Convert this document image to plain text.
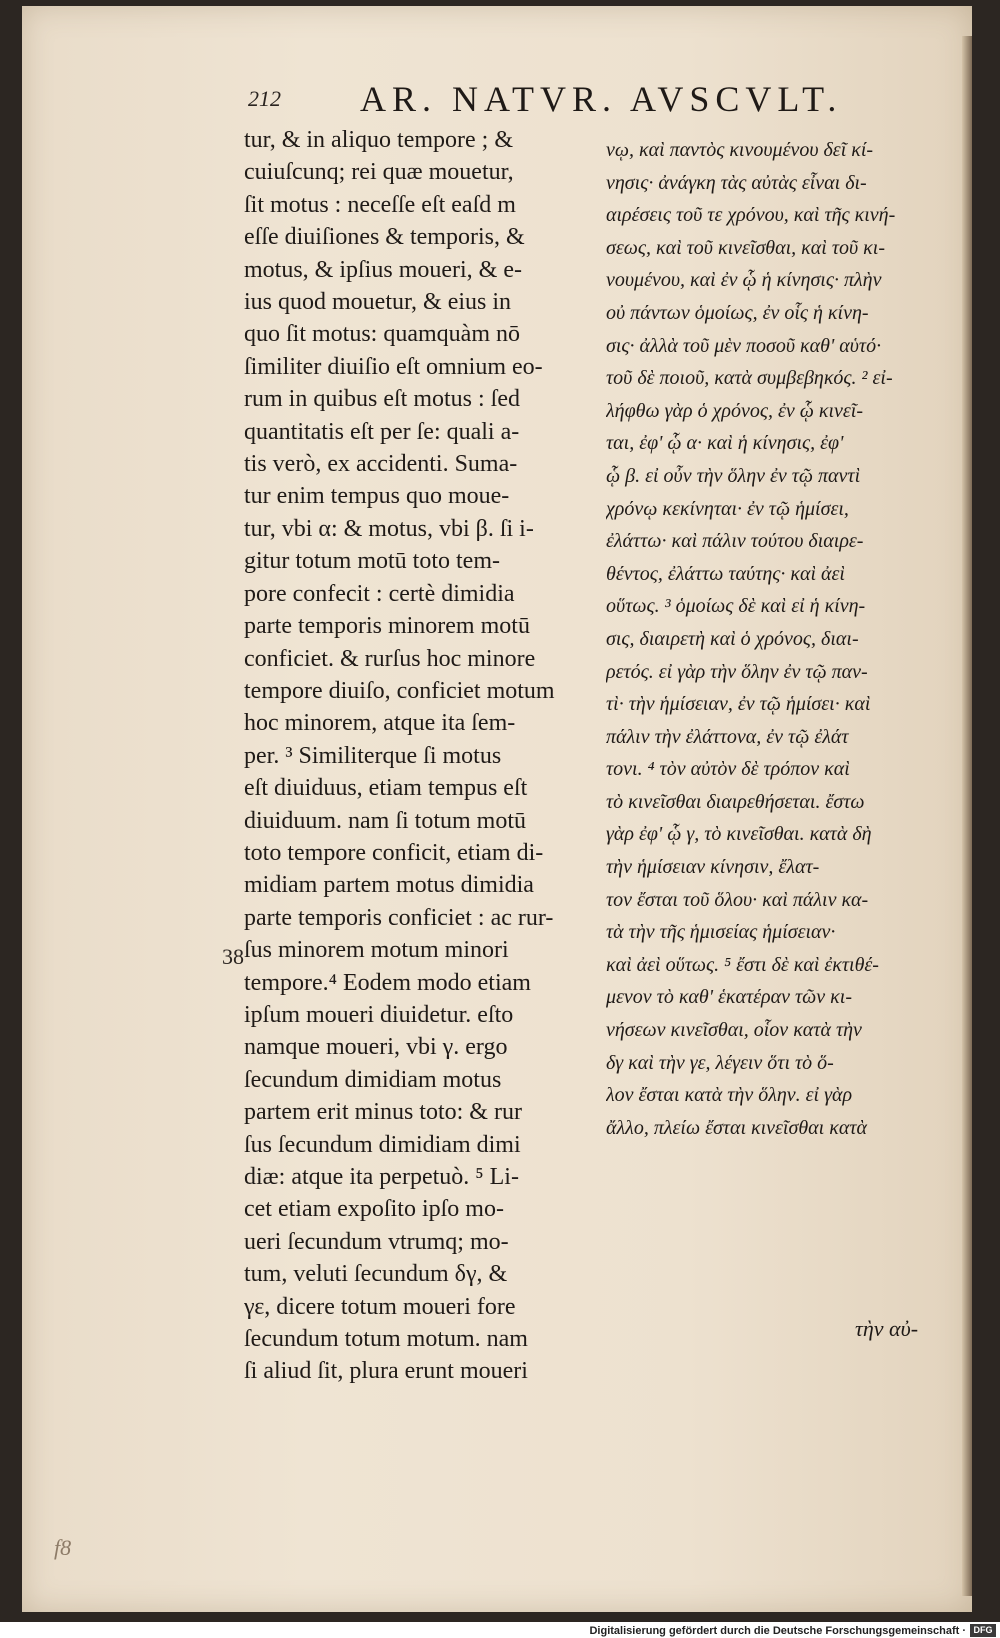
212 AR. NATVR. AVSCVLT.
tur, & in aliquo tempore ; &
cuiuſcunq; rei quæ mouetur,
ſit motus : neceſſe eſt eaſd m
eſſe diuiſiones & temporis, &
motus, & ipſius moueri, & e-
ius quod mouetur, & eius in
quo ſit motus: quamquàm nō
ſimiliter diuiſio eſt omnium eo-
rum in quibus eſt motus : ſed
quantitatis eſt per ſe: quali a-
tis verò, ex accidenti. Suma-
tur enim tempus quo moue-
tur, vbi α: & motus, vbi β. ſi i-
gitur totum motū toto tem-
pore confecit : certè dimidia
parte temporis minorem motū
conficiet. & rurſus hoc minore
tempore diuiſo, conficiet motum
hoc minorem, atque ita ſem-
per. ³ Similiterque ſi motus
eſt diuiduus, etiam tempus eſt
diuiduum. nam ſi totum motū
toto tempore conficit, etiam di-
midiam partem motus dimidia
parte temporis conficiet : ac rur-
ſus minorem motum minori
tempore.⁴ Eodem modo etiam
ipſum moueri diuidetur. eſto
namque moueri, vbi γ. ergo
ſecundum dimidiam motus
partem erit minus toto: & rur
ſus ſecundum dimidiam dimi
diæ: atque ita perpetuò. ⁵ Li-
cet etiam expoſito ipſo mo-
ueri ſecundum vtrumq; mo-
tum, veluti ſecundum δγ, &
γε, dicere totum moueri fore
ſecundum totum motum. nam
ſi aliud ſit, plura erunt moueri
νῳ, καὶ παντὸς κινουμένου δεῖ κί-
νησις· ἀνάγκη τὰς αὐτὰς εἶναι δι-
αιρέσεις τοῦ τε χρόνου, καὶ τῆς κινή-
σεως, καὶ τοῦ κινεῖσθαι, καὶ τοῦ κι-
νουμένου, καὶ ἐν ᾧ ἡ κίνησις· πλὴν
οὐ πάντων ὁμοίως, ἐν οἷς ἡ κίνη-
σις· ἀλλὰ τοῦ μὲν ποσοῦ καθ' αὑτό·
τοῦ δὲ ποιοῦ, κατὰ συμβεβηκός. ² εἰ-
λήφθω γὰρ ὁ χρόνος, ἐν ᾧ κινεῖ-
ται, ἐφ' ᾧ α· καὶ ἡ κίνησις, ἐφ'
ᾧ β. εἰ οὖν τὴν ὅλην ἐν τῷ παντὶ
χρόνῳ κεκίνηται· ἐν τῷ ἡμίσει,
ἐλάττω· καὶ πάλιν τούτου διαιρε-
θέντος, ἐλάττω ταύτης· καὶ ἀεὶ
οὕτως. ³ ὁμοίως δὲ καὶ εἰ ἡ κίνη-
σις, διαιρετὴ καὶ ὁ χρόνος, διαι-
ρετός. εἰ γὰρ τὴν ὅλην ἐν τῷ παν-
τὶ· τὴν ἡμίσειαν, ἐν τῷ ἡμίσει· καὶ
πάλιν τὴν ἐλάττονα, ἐν τῷ ἐλάτ
τονι. ⁴ τὸν αὐτὸν δὲ τρόπον καὶ
τὸ κινεῖσθαι διαιρεθήσεται. ἔστω
γὰρ ἐφ' ᾧ γ, τὸ κινεῖσθαι. κατὰ δὴ
τὴν ἡμίσειαν κίνησιν, ἔλατ-
τον ἔσται τοῦ ὅλου· καὶ πάλιν κα-
τὰ τὴν τῆς ἡμισείας ἡμίσειαν·
καὶ ἀεὶ οὕτως. ⁵ ἔστι δὲ καὶ ἐκτιθέ-
μενον τὸ καθ' ἑκατέραν τῶν κι-
νήσεων κινεῖσθαι, οἷον κατὰ τὴν
δγ καὶ τὴν γε, λέγειν ὅτι τὸ ὅ-
λον ἔσται κατὰ τὴν ὅλην. εἰ γὰρ
ἄλλο, πλείω ἔσται κινεῖσθαι κατὰ
τὴν αὐ-
38
f8
Digitalisierung gefördert durch die Deutsche Forschungsgemeinschaft · DFG
